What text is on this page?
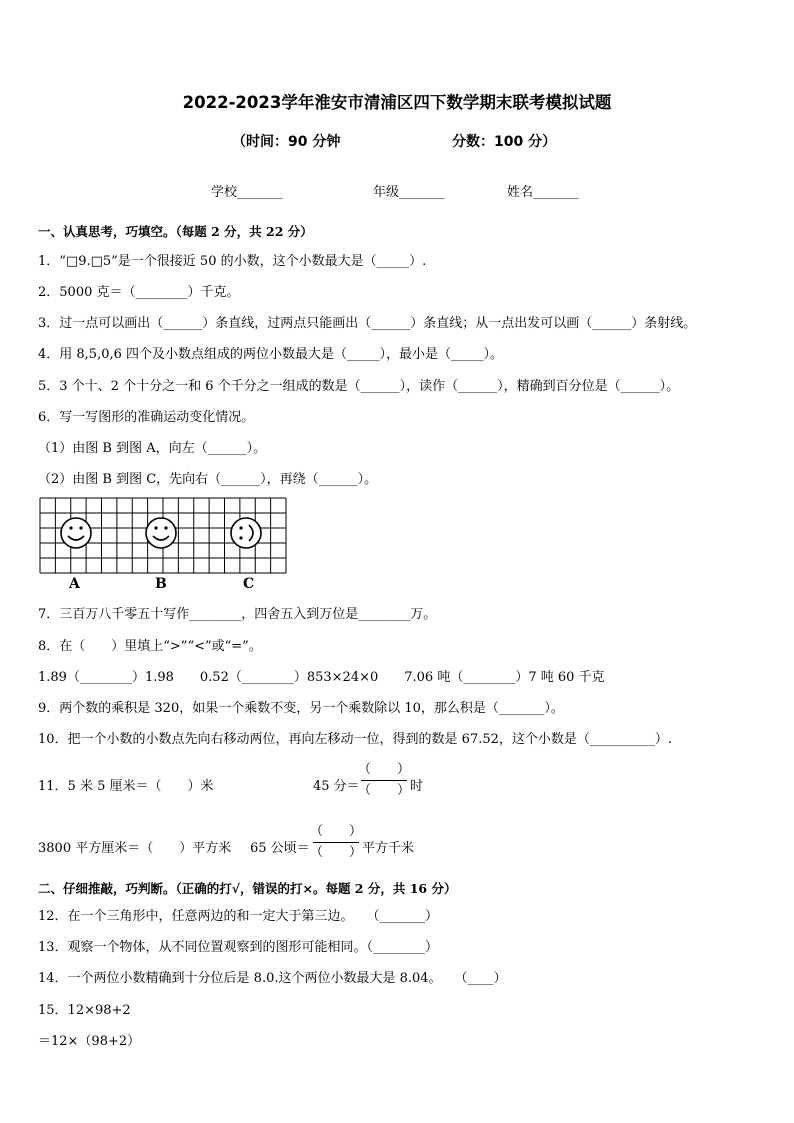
2022-2023学年淮安市清浦区四下数学期末联考模拟试题
（时间：90 分钟	分数：100 分）
学校_______	年级_______	姓名_______
一、认真思考，巧填空。（每题 2 分，共 22 分）
1．“□9.□5”是一个很接近 50 的小数，这个小数最大是（_____）.
2．5000 克＝（________）千克。
3．过一点可以画出（______）条直线，过两点只能画出（______）条直线；从一点出发可以画（______）条射线。
4．用 8,5,0,6 四个及小数点组成的两位小数最大是（_____），最小是（_____）。
5．3 个十、2 个十分之一和 6 个千分之一组成的数是（______），读作（______），精确到百分位是（______）。
6．写一写图形的准确运动变化情况。
（1）由图 B 到图 A，向左（______）。
（2）由图 B 到图 C，先向右（______），再绕（______）。
A	B	C
7．三百万八千零五十写作________，四舍五入到万位是________万。
8．在（　　）里填上“>”“<”或“=”。
1.89（________）1.98　　0.52（________）853×24×0　　7.06 吨（________）7 吨 60 千克
9．两个数的乘积是 320，如果一个乘数不变，另一个乘数除以 10，那么积是（_______）。
10．把一个小数的小数点先向右移动两位，再向左移动一位，得到的数是 67.52，这个小数是（__________）.
11．5 米 5 厘米＝（　　）米	45 分＝
（　　）
（　　） 时
3800 平方厘米＝（　　）平方米 65 公顷＝
（　　）
（　　） 平方千米
二、仔细推敲，巧判断。（正确的打√，错误的打×。每题 2 分，共 16 分）
12．在一个三角形中，任意两边的和一定大于第三边。　　（_______）
13．观察一个物体，从不同位置观察到的图形可能相同。（________）
14．一个两位小数精确到十分位后是 8.0.这个两位小数最大是 8.04。　　（____）
15．12×98+2
＝12×（98+2）
